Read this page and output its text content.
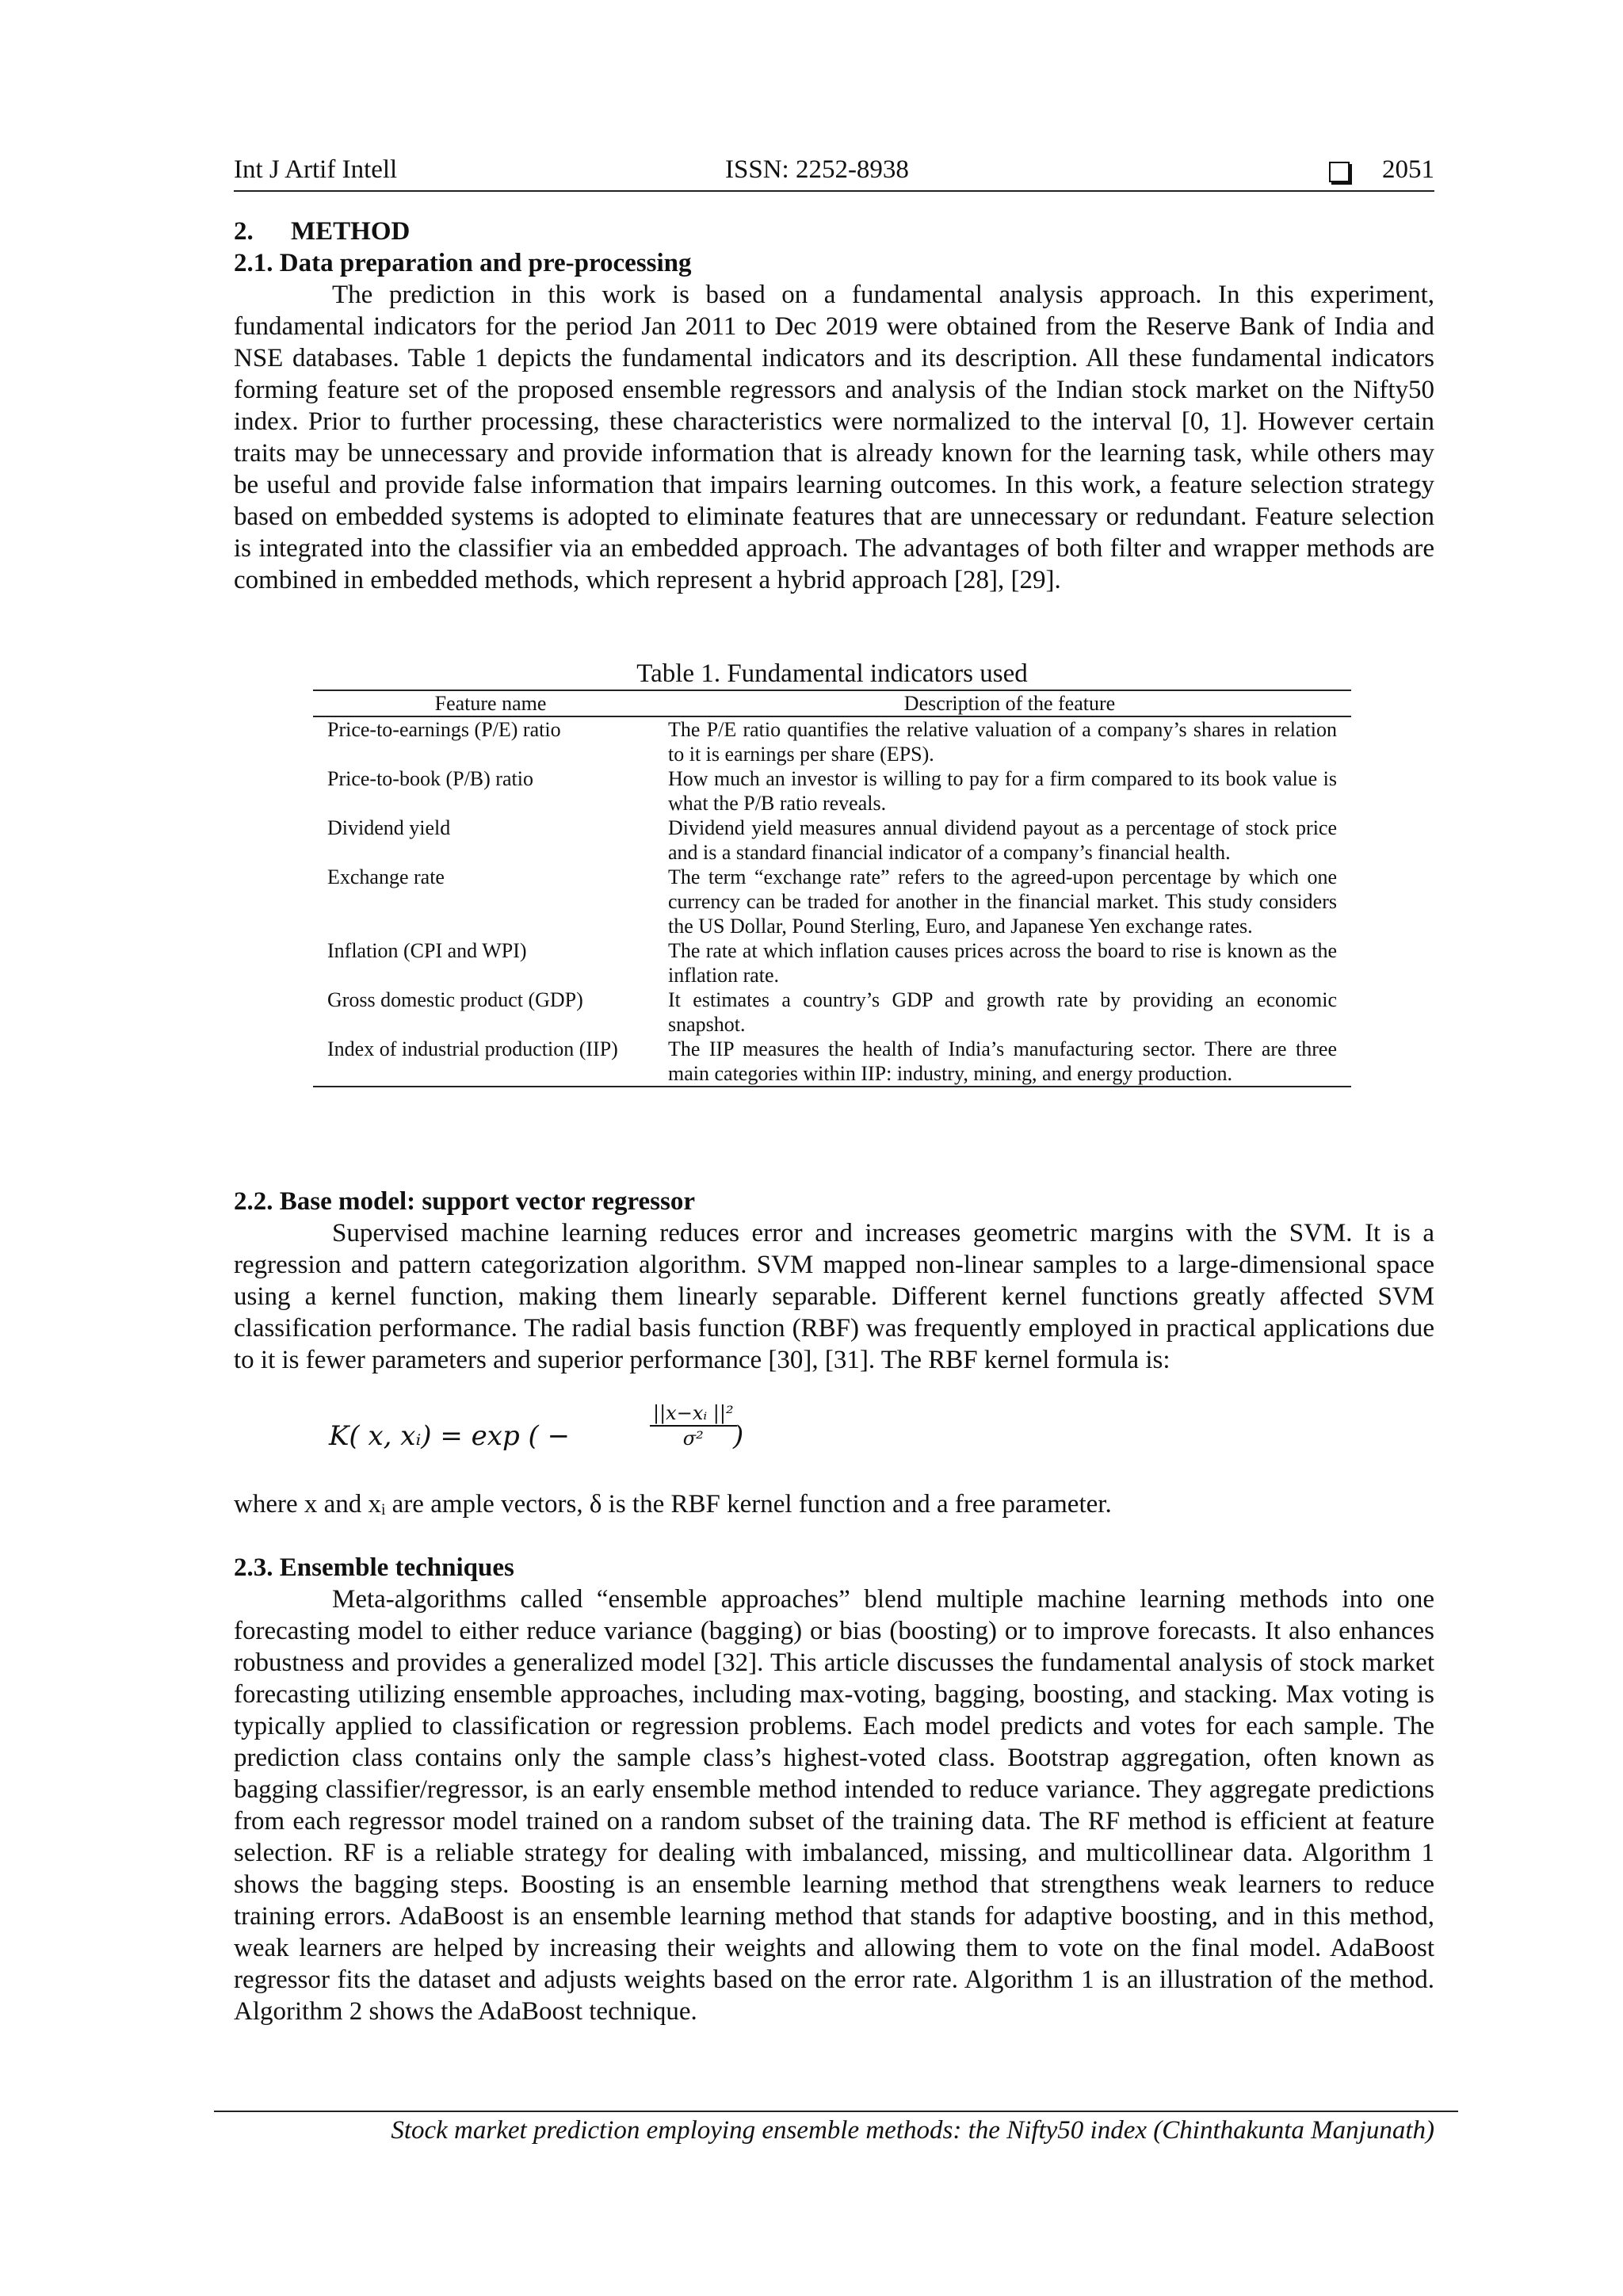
Int J Artif Intell	ISSN: 2252-8938	2051

2. METHOD

2.1. Data preparation and pre-processing

The prediction in this work is based on a fundamental analysis approach. In this experiment, fundamental indicators for the period Jan 2011 to Dec 2019 were obtained from the Reserve Bank of India and NSE databases. Table 1 depicts the fundamental indicators and its description. All these fundamental indicators forming feature set of the proposed ensemble regressors and analysis of the Indian stock market on the Nifty50 index. Prior to further processing, these characteristics were normalized to the interval [0, 1]. However certain traits may be unnecessary and provide information that is already known for the learning task, while others may be useful and provide false information that impairs learning outcomes. In this work, a feature selection strategy based on embedded systems is adopted to eliminate features that are unnecessary or redundant. Feature selection is integrated into the classifier via an embedded approach. The advantages of both filter and wrapper methods are combined in embedded methods, which represent a hybrid approach [28], [29].

Table 1. Fundamental indicators used
Feature name	Description of the feature
Price-to-earnings (P/E) ratio	The P/E ratio quantifies the relative valuation of a company’s shares in relation to it is earnings per share (EPS).
Price-to-book (P/B) ratio	How much an investor is willing to pay for a firm compared to its book value is what the P/B ratio reveals.
Dividend yield	Dividend yield measures annual dividend payout as a percentage of stock price and is a standard financial indicator of a company’s financial health.
Exchange rate	The term “exchange rate” refers to the agreed-upon percentage by which one currency can be traded for another in the financial market. This study considers the US Dollar, Pound Sterling, Euro, and Japanese Yen exchange rates.
Inflation (CPI and WPI)	The rate at which inflation causes prices across the board to rise is known as the inflation rate.
Gross domestic product (GDP)	It estimates a country’s GDP and growth rate by providing an economic snapshot.
Index of industrial production (IIP)	The IIP measures the health of India’s manufacturing sector. There are three main categories within IIP: industry, mining, and energy production.

2.2. Base model: support vector regressor

Supervised machine learning reduces error and increases geometric margins with the SVM. It is a regression and pattern categorization algorithm. SVM mapped non-linear samples to a large-dimensional space using a kernel function, making them linearly separable. Different kernel functions greatly affected SVM classification performance. The radial basis function (RBF) was frequently employed in practical applications due to it is fewer parameters and superior performance [30], [31]. The RBF kernel formula is:

K( x, xᵢ) = exp ( −	$\frac{\text{||x−xᵢ ||²}}{\text{σ²}}$
)

where x and xᵢ are ample vectors, δ is the RBF kernel function and a free parameter.

2.3. Ensemble techniques

Meta-algorithms called “ensemble approaches” blend multiple machine learning methods into one forecasting model to either reduce variance (bagging) or bias (boosting) or to improve forecasts. It also enhances robustness and provides a generalized model [32]. This article discusses the fundamental analysis of stock market forecasting utilizing ensemble approaches, including max-voting, bagging, boosting, and stacking. Max voting is typically applied to classification or regression problems. Each model predicts and votes for each sample. The prediction class contains only the sample class’s highest-voted class. Bootstrap aggregation, often known as bagging classifier/regressor, is an early ensemble method intended to reduce variance. They aggregate predictions from each regressor model trained on a random subset of the training data. The RF method is efficient at feature selection. RF is a reliable strategy for dealing with imbalanced, missing, and multicollinear data. Algorithm 1 shows the bagging steps. Boosting is an ensemble learning method that strengthens weak learners to reduce training errors. AdaBoost is an ensemble learning method that stands for adaptive boosting, and in this method, weak learners are helped by increasing their weights and allowing them to vote on the final model. AdaBoost regressor fits the dataset and adjusts weights based on the error rate. Algorithm 1 is an illustration of the method. Algorithm 2 shows the AdaBoost technique.

Stock market prediction employing ensemble methods: the Nifty50 index (Chinthakunta Manjunath)
